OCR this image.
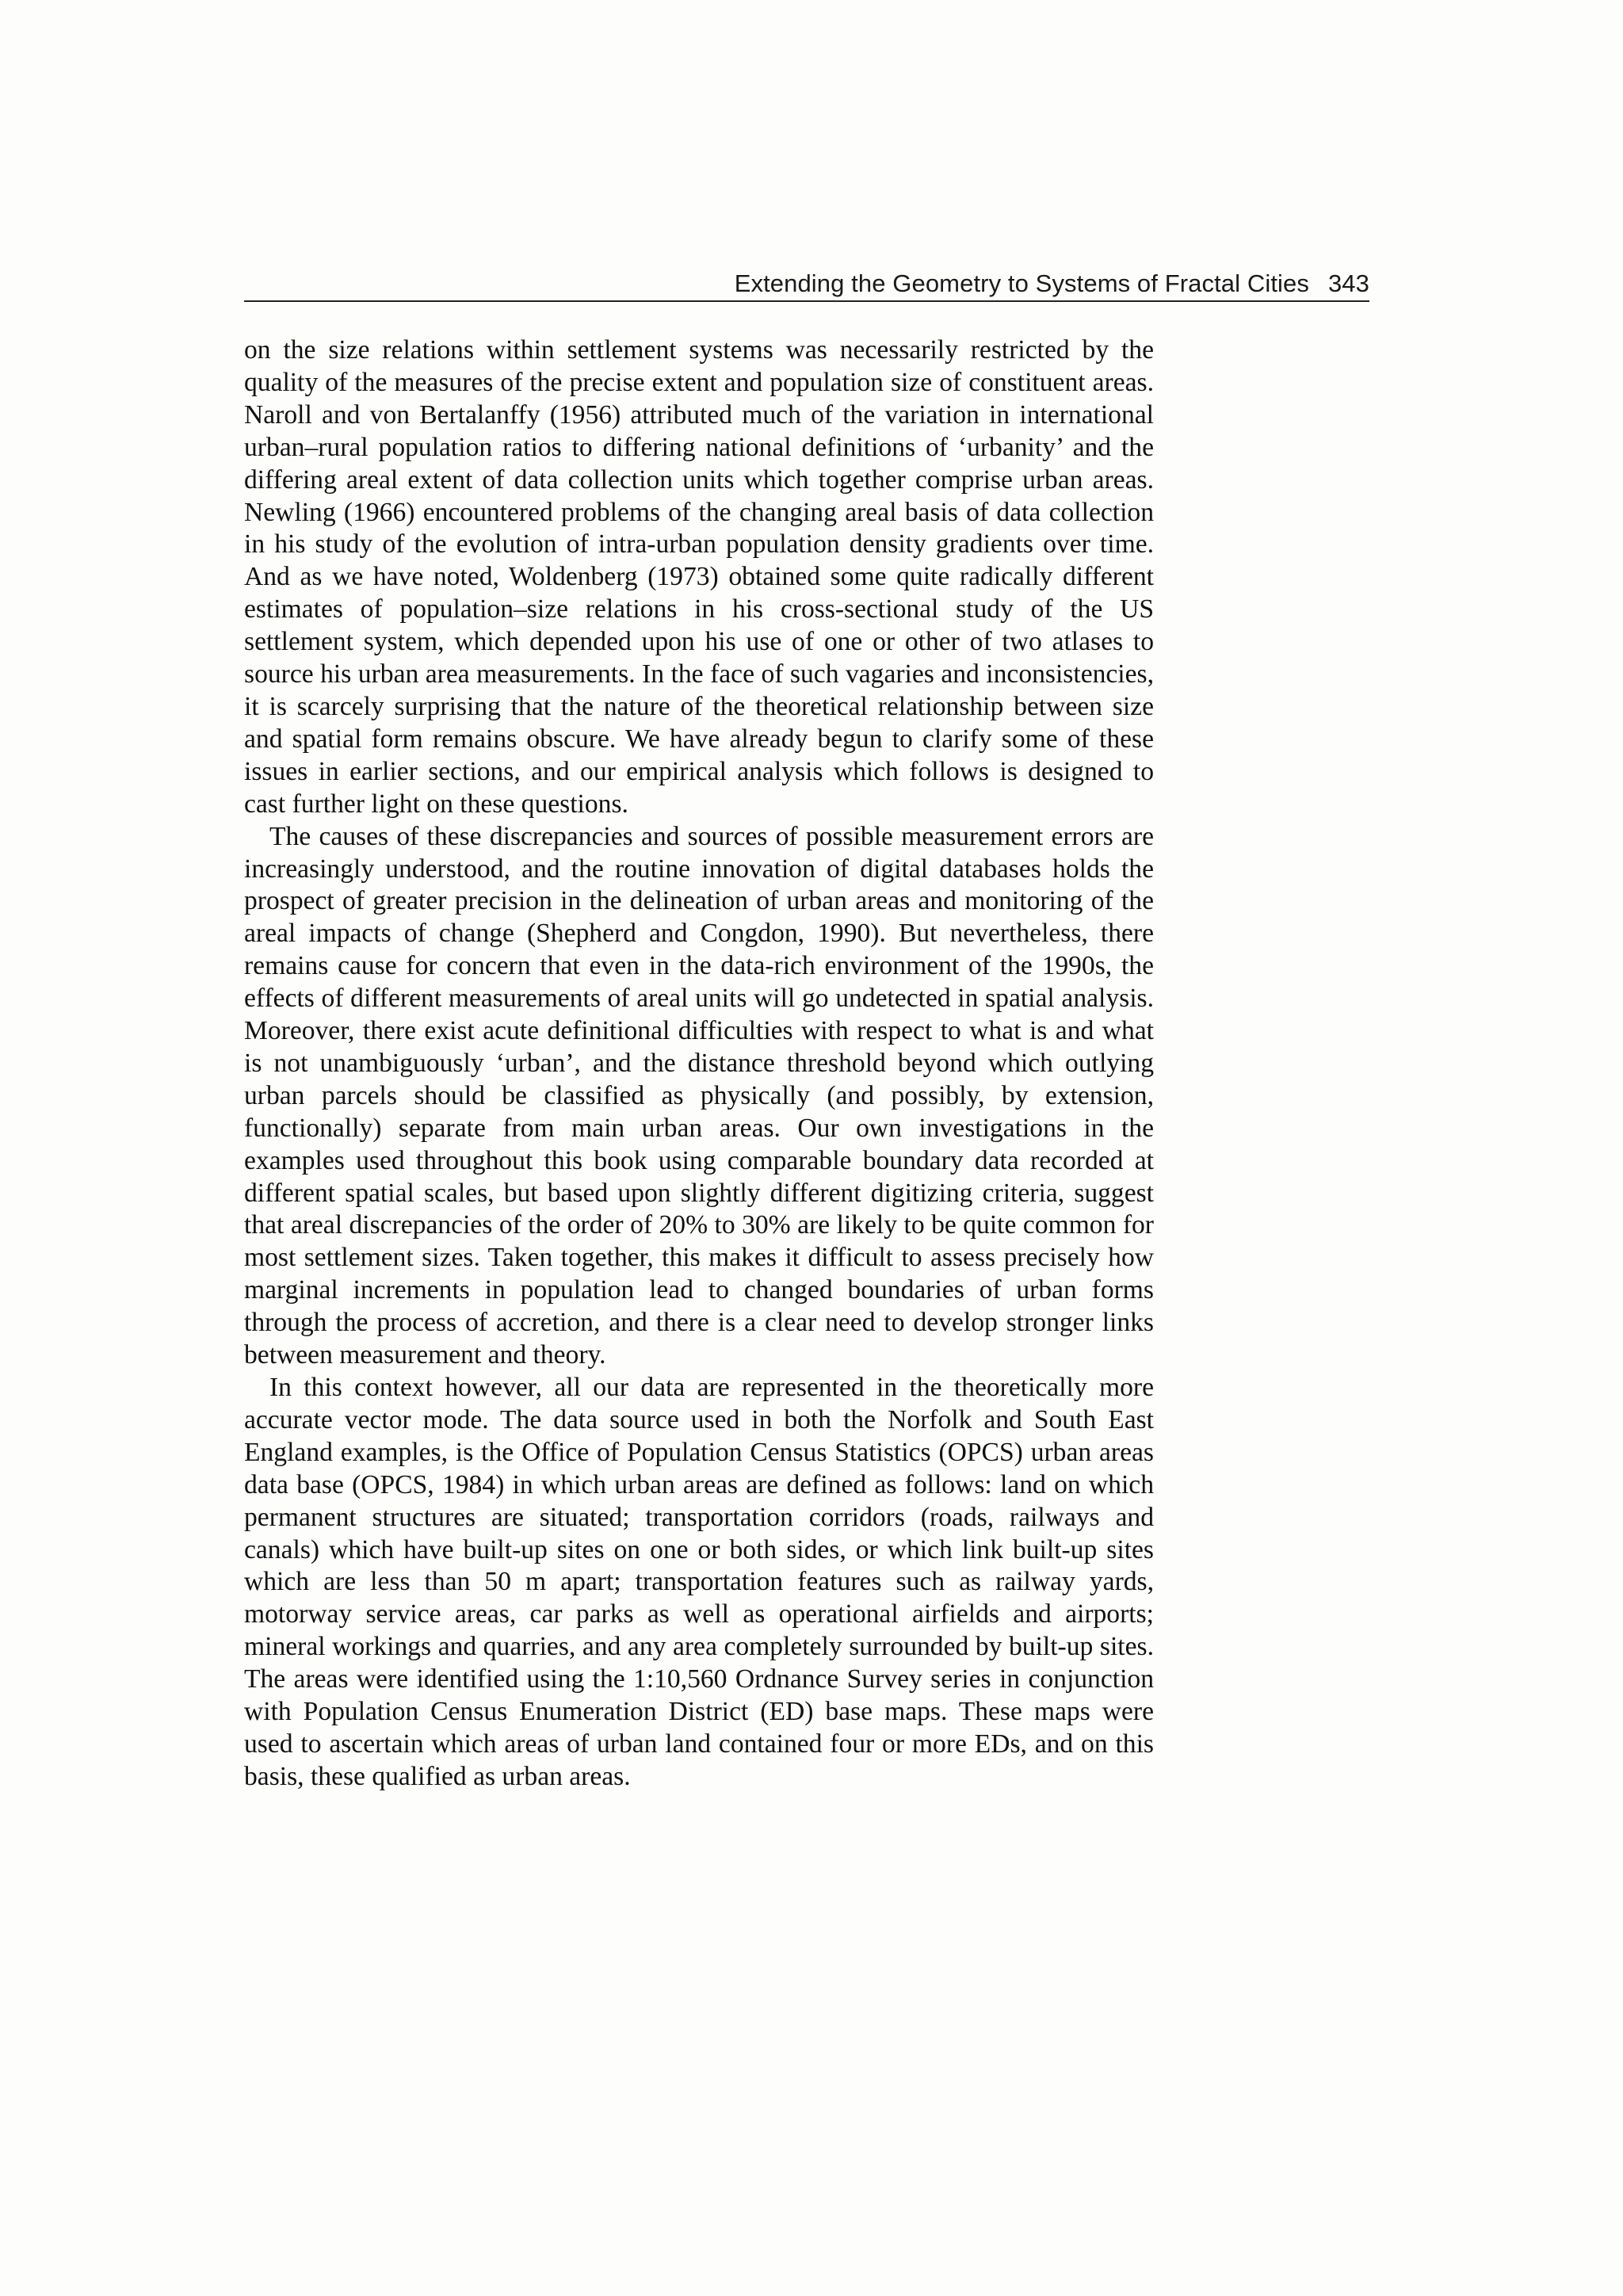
Extending the Geometry to Systems of Fractal Cities 343

on the size relations within settlement systems was necessarily restricted by the quality of the measures of the precise extent and population size of constituent areas. Naroll and von Bertalanffy (1956) attributed much of the variation in international urban–rural population ratios to differing national definitions of ‘urbanity’ and the differing areal extent of data collection units which together comprise urban areas. Newling (1966) encountered problems of the changing areal basis of data collection in his study of the evolution of intra-urban population density gradients over time. And as we have noted, Woldenberg (1973) obtained some quite radically different estimates of population–size relations in his cross-sectional study of the US settlement system, which depended upon his use of one or other of two atlases to source his urban area measurements. In the face of such vagaries and inconsistencies, it is scarcely surprising that the nature of the theoretical relationship between size and spatial form remains obscure. We have already begun to clarify some of these issues in earlier sections, and our empirical analysis which follows is designed to cast further light on these questions.

The causes of these discrepancies and sources of possible measurement errors are increasingly understood, and the routine innovation of digital databases holds the prospect of greater precision in the delineation of urban areas and monitoring of the areal impacts of change (Shepherd and Congdon, 1990). But nevertheless, there remains cause for concern that even in the data-rich environment of the 1990s, the effects of different measurements of areal units will go undetected in spatial analysis. Moreover, there exist acute definitional difficulties with respect to what is and what is not unambiguously ‘urban’, and the distance threshold beyond which outlying urban parcels should be classified as physically (and possibly, by extension, functionally) separate from main urban areas. Our own investigations in the examples used throughout this book using comparable boundary data recorded at different spatial scales, but based upon slightly different digitizing criteria, suggest that areal discrepancies of the order of 20% to 30% are likely to be quite common for most settlement sizes. Taken together, this makes it difficult to assess precisely how marginal increments in population lead to changed boundaries of urban forms through the process of accretion, and there is a clear need to develop stronger links between measurement and theory.

In this context however, all our data are represented in the theoretically more accurate vector mode. The data source used in both the Norfolk and South East England examples, is the Office of Population Census Statistics (OPCS) urban areas data base (OPCS, 1984) in which urban areas are defined as follows: land on which permanent structures are situated; transportation corridors (roads, railways and canals) which have built-up sites on one or both sides, or which link built-up sites which are less than 50 m apart; transportation features such as railway yards, motorway service areas, car parks as well as operational airfields and airports; mineral workings and quarries, and any area completely surrounded by built-up sites. The areas were identified using the 1:10,560 Ordnance Survey series in conjunction with Population Census Enumeration District (ED) base maps. These maps were used to ascertain which areas of urban land contained four or more EDs, and on this basis, these qualified as urban areas.
